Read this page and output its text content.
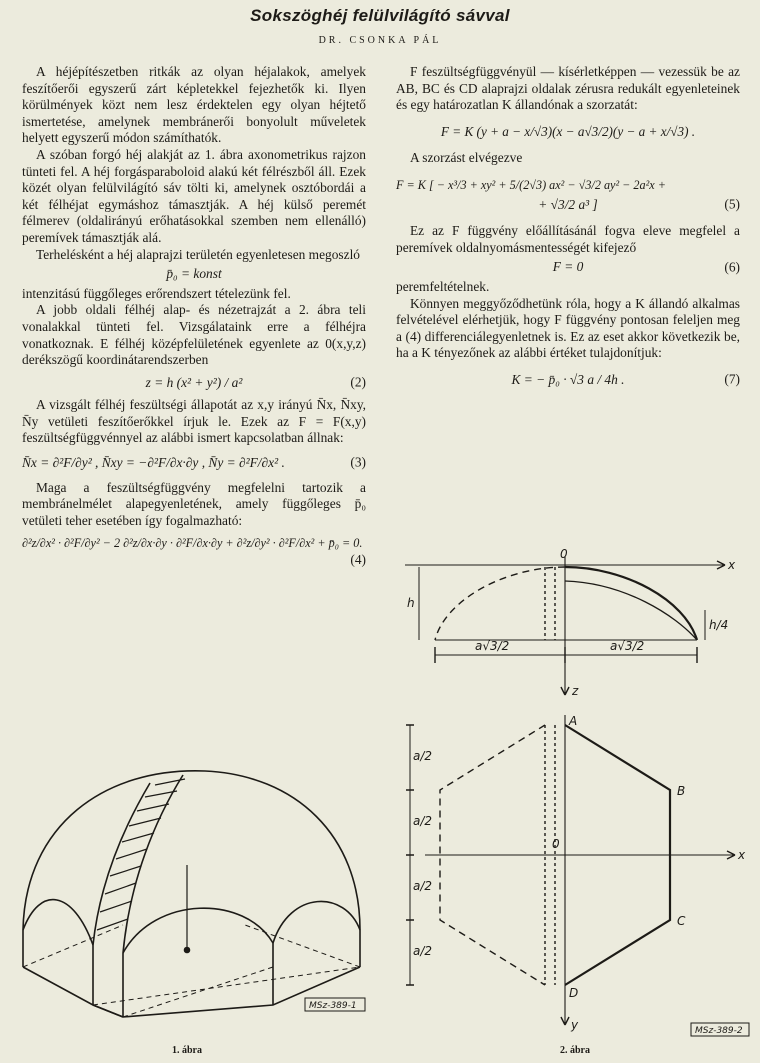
Sokszöghéj felülvilágító sávval
DR. CSONKA PÁL

A héjépítészetben ritkák az olyan héjalakok, amelyek feszítőerői egyszerű zárt képletekkel fejezhetők ki. Ilyen körülmények közt nem lesz érdektelen egy olyan héjtető ismertetése, amelynek membránerői bonyolult műveletek helyett egyszerű módon számíthatók.

A szóban forgó héj alakját az 1. ábra axonometrikus rajzon tünteti fel. A héj forgásparaboloid alakú két félrészből áll. Ezek közét olyan felülvilágító sáv tölti ki, amelynek osztóbordái a két félhéjat egymáshoz támasztják. A héj külső peremét félmerev (oldalirányú erőhatásokkal szemben nem ellenálló) peremívek támasztják alá.

Terhelésként a héj alaprajzi területén egyenletesen megoszló

p̄₀ = konst

intenzitású függőleges erőrendszert tételezünk fel.

A jobb oldali félhéj alap- és nézetrajzát a 2. ábra teli vonalakkal tünteti fel. Vizsgálataink erre a félhéjra vonatkoznak. E félhéj középfelületének egyenlete az 0(x,y,z) derékszögű koordinátarendszerben

z = h (x² + y²) / a²	(2)

A vizsgált félhéj feszültségi állapotát az x,y irányú N̄x, N̄xy, N̄y vetületi feszítőerőkkel írjuk le. Ezek az F = F(x,y) feszültségfüggvénnyel az alábbi ismert kapcsolatban állnak:

N̄x = ∂²F/∂y² , N̄xy = −∂²F/∂x·∂y , N̄y = ∂²F/∂x² .	(3)

Maga a feszültségfüggvény megfelelni tartozik a membránelmélet alapegyenletének, amely függőleges p̄₀ vetületi teher esetében így fogalmazható:

∂²z/∂x² · ∂²F/∂y² − 2 ∂²z/∂x·∂y · ∂²F/∂x·∂y + ∂²z/∂y² · ∂²F/∂x² + p̄₀ = 0.
(4)

F feszültségfüggvényül — kísérletképpen — vezessük be az AB, BC és CD alaprajzi oldalak zérusra redukált egyenleteinek és egy határozatlan K állandónak a szorzatát:

F = K (y + a − x/√3)(x − a√3/2)(y − a + x/√3) .

A szorzást elvégezve

F = K [ − x³/3 + xy² + 5/(2√3) ax² − √3/2 ay² − 2a²x +
+ √3/2 a³ ]	(5)

Ez az F függvény előállításánál fogva eleve megfelel a peremívek oldalnyomásmentességét kifejező

F = 0	(6)

peremfeltételnek.

Könnyen meggyőződhetünk róla, hogy a K állandó alkalmas felvételével elérhetjük, hogy F függvény pontosan feleljen meg a (4) differenciálegyenletnek is. Ez az eset akkor következik be, ha a K tényezőnek az alábbi értéket tulajdonítjuk:

K = − p̄₀ · √3 a / 4h .	(7)
MSz-389-1
1. ábra
0
x
h
h/4
a√3/2	a√3/2
z
A
B
C
D
0
x
y
a/2
a/2
a/2
a/2
MSz-389-2
2. ábra
